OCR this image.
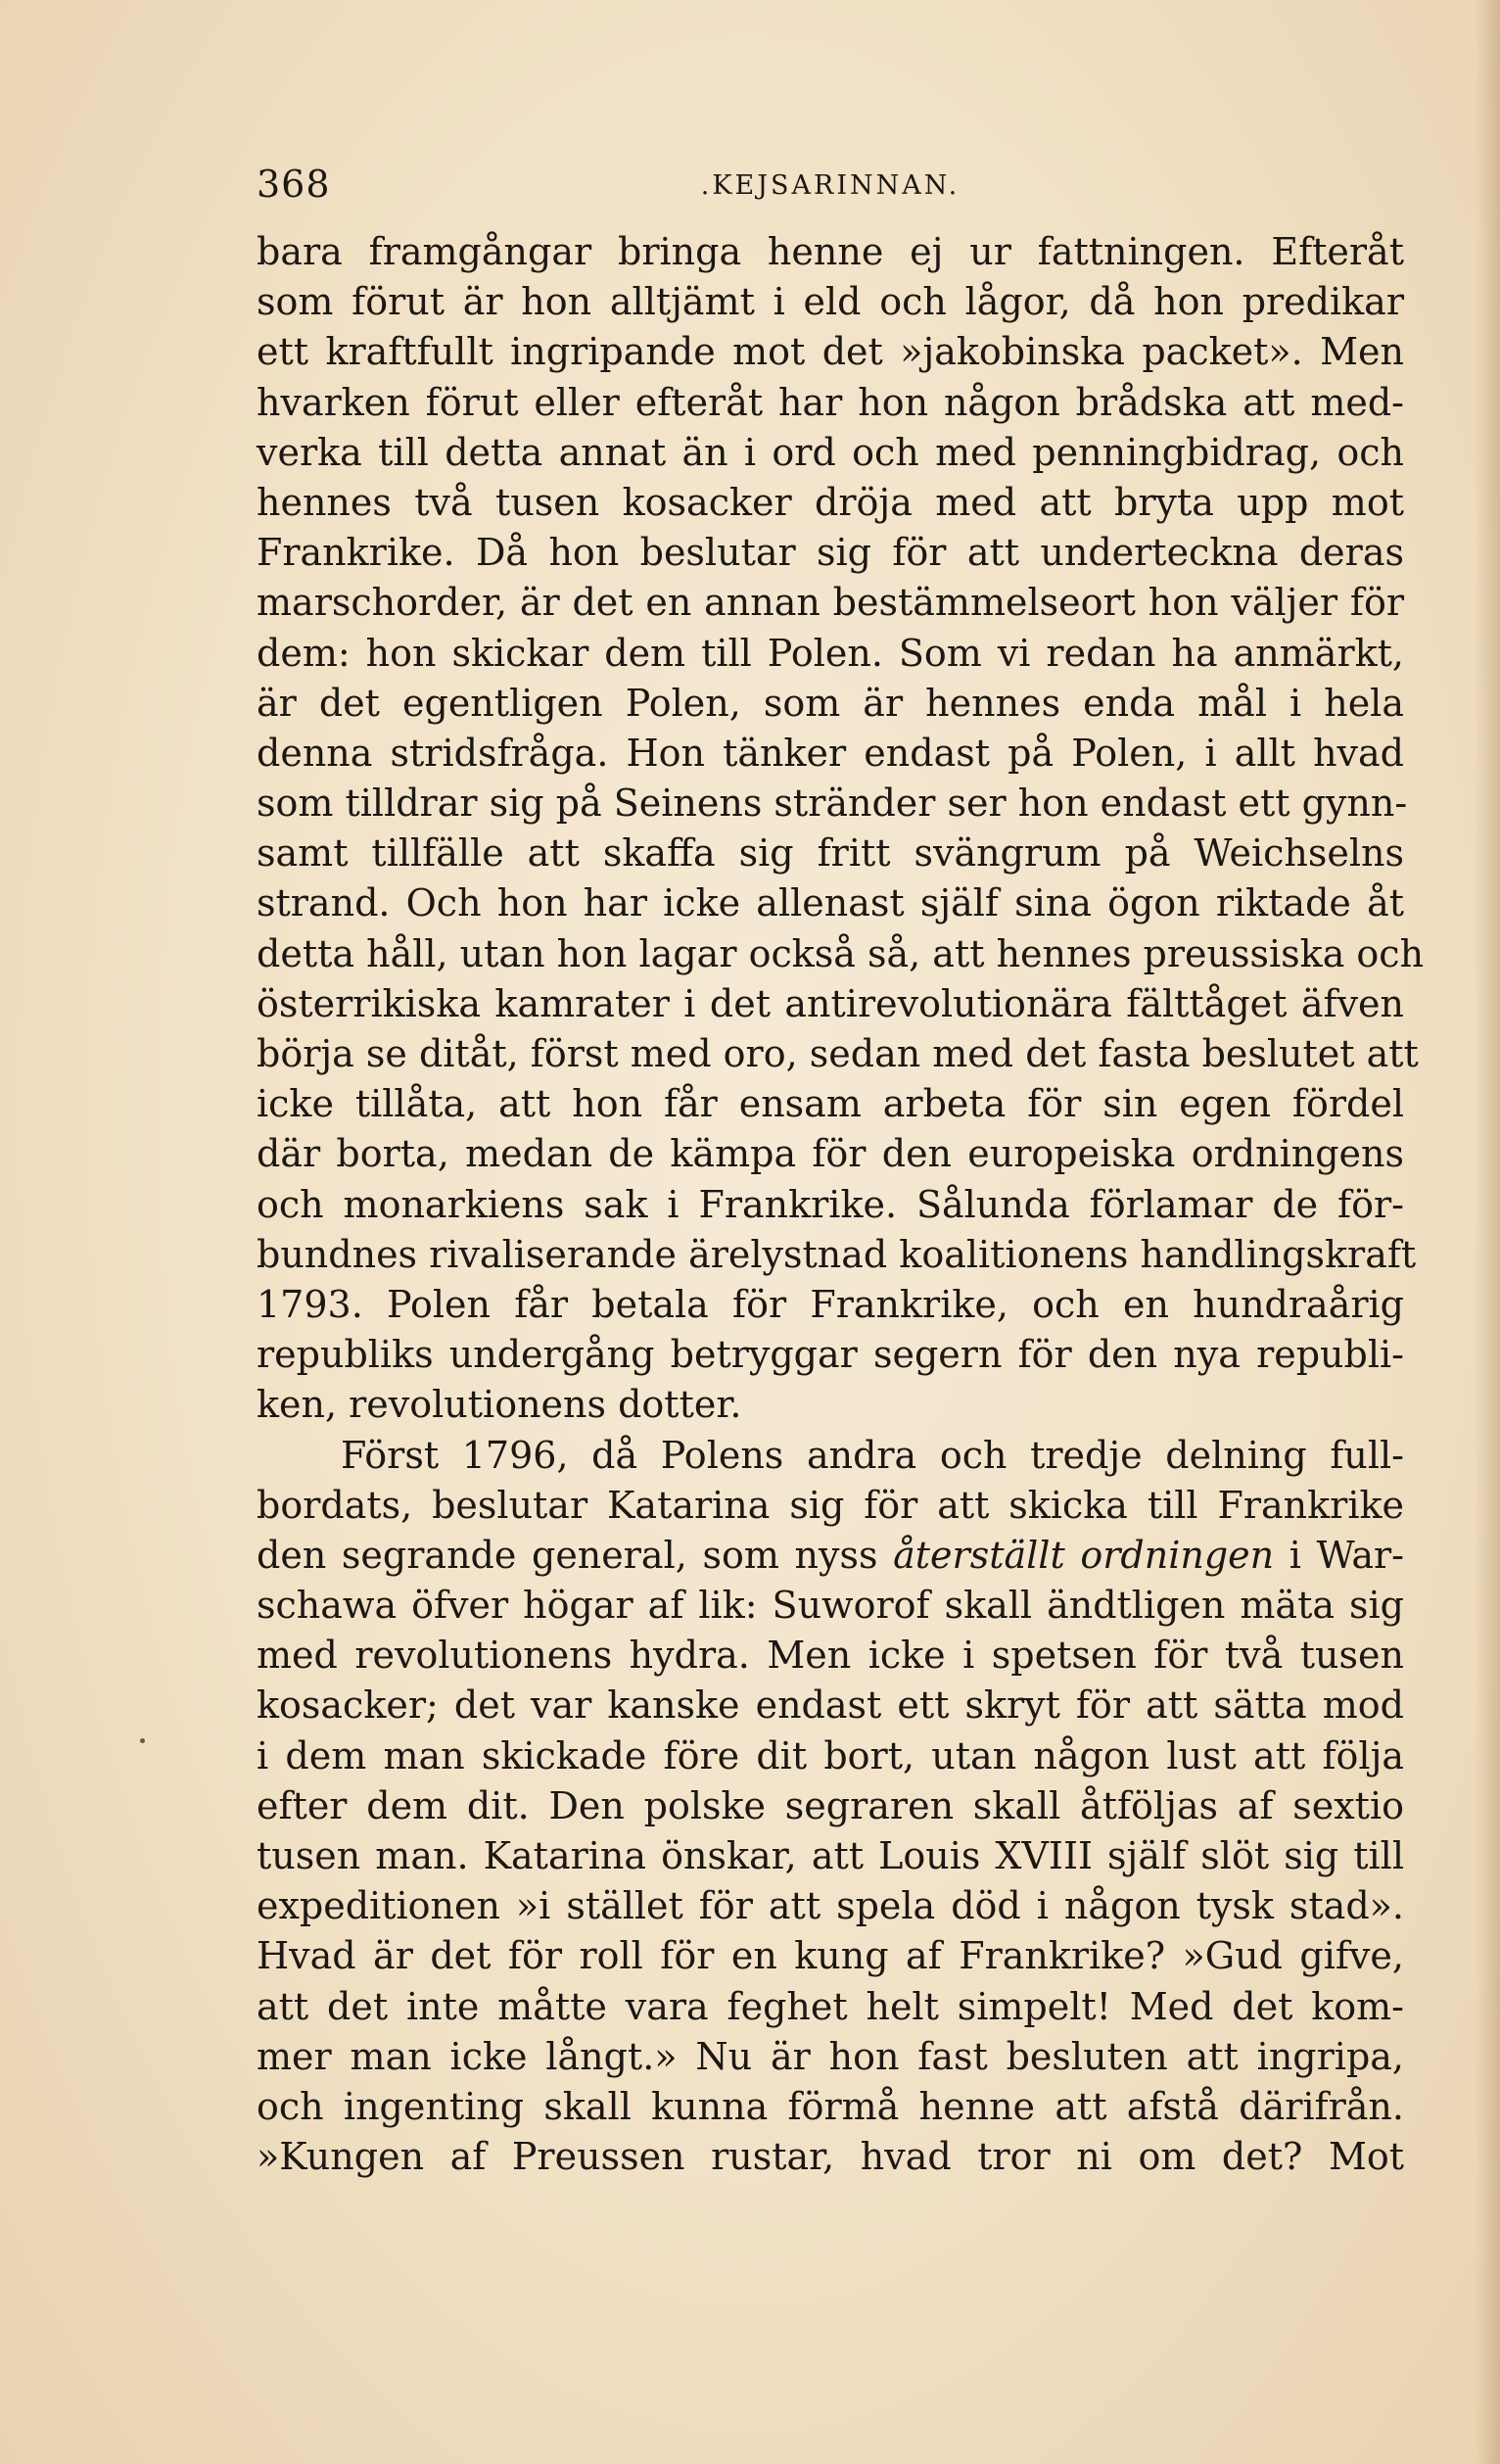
368	.KEJSARINNAN.
bara framgångar bringa henne ej ur fattningen. Efteråt
som förut är hon alltjämt i eld och lågor, då hon predikar
ett kraftfullt ingripande mot det »jakobinska packet». Men
hvarken förut eller efteråt har hon någon brådska att med-
verka till detta annat än i ord och med penningbidrag, och
hennes två tusen kosacker dröja med att bryta upp mot
Frankrike. Då hon beslutar sig för att underteckna deras
marschorder, är det en annan bestämmelseort hon väljer för
dem: hon skickar dem till Polen. Som vi redan ha anmärkt,
är det egentligen Polen, som är hennes enda mål i hela
denna stridsfråga. Hon tänker endast på Polen, i allt hvad
som tilldrar sig på Seinens stränder ser hon endast ett gynn-
samt tillfälle att skaffa sig fritt svängrum på Weichselns
strand. Och hon har icke allenast själf sina ögon riktade åt
detta håll, utan hon lagar också så, att hennes preussiska och
österrikiska kamrater i det antirevolutionära fälttåget äfven
börja se ditåt, först med oro, sedan med det fasta beslutet att
icke tillåta, att hon får ensam arbeta för sin egen fördel
där borta, medan de kämpa för den europeiska ordningens
och monarkiens sak i Frankrike. Sålunda förlamar de för-
bundnes rivaliserande ärelystnad koalitionens handlingskraft
1793. Polen får betala för Frankrike, och en hundraårig
republiks undergång betryggar segern för den nya republi-
ken, revolutionens dotter.
Först 1796, då Polens andra och tredje delning full-
bordats, beslutar Katarina sig för att skicka till Frankrike
den segrande general, som nyss återställt ordningen i War-
schawa öfver högar af lik: Suworof skall ändtligen mäta sig
med revolutionens hydra. Men icke i spetsen för två tusen
kosacker; det var kanske endast ett skryt för att sätta mod
i dem man skickade före dit bort, utan någon lust att följa
efter dem dit. Den polske segraren skall åtföljas af sextio
tusen man. Katarina önskar, att Louis XVIII själf slöt sig till
expeditionen »i stället för att spela död i någon tysk stad».
Hvad är det för roll för en kung af Frankrike? »Gud gifve,
att det inte måtte vara feghet helt simpelt! Med det kom-
mer man icke långt.» Nu är hon fast besluten att ingripa,
och ingenting skall kunna förmå henne att afstå därifrån.
»Kungen af Preussen rustar, hvad tror ni om det? Mot
